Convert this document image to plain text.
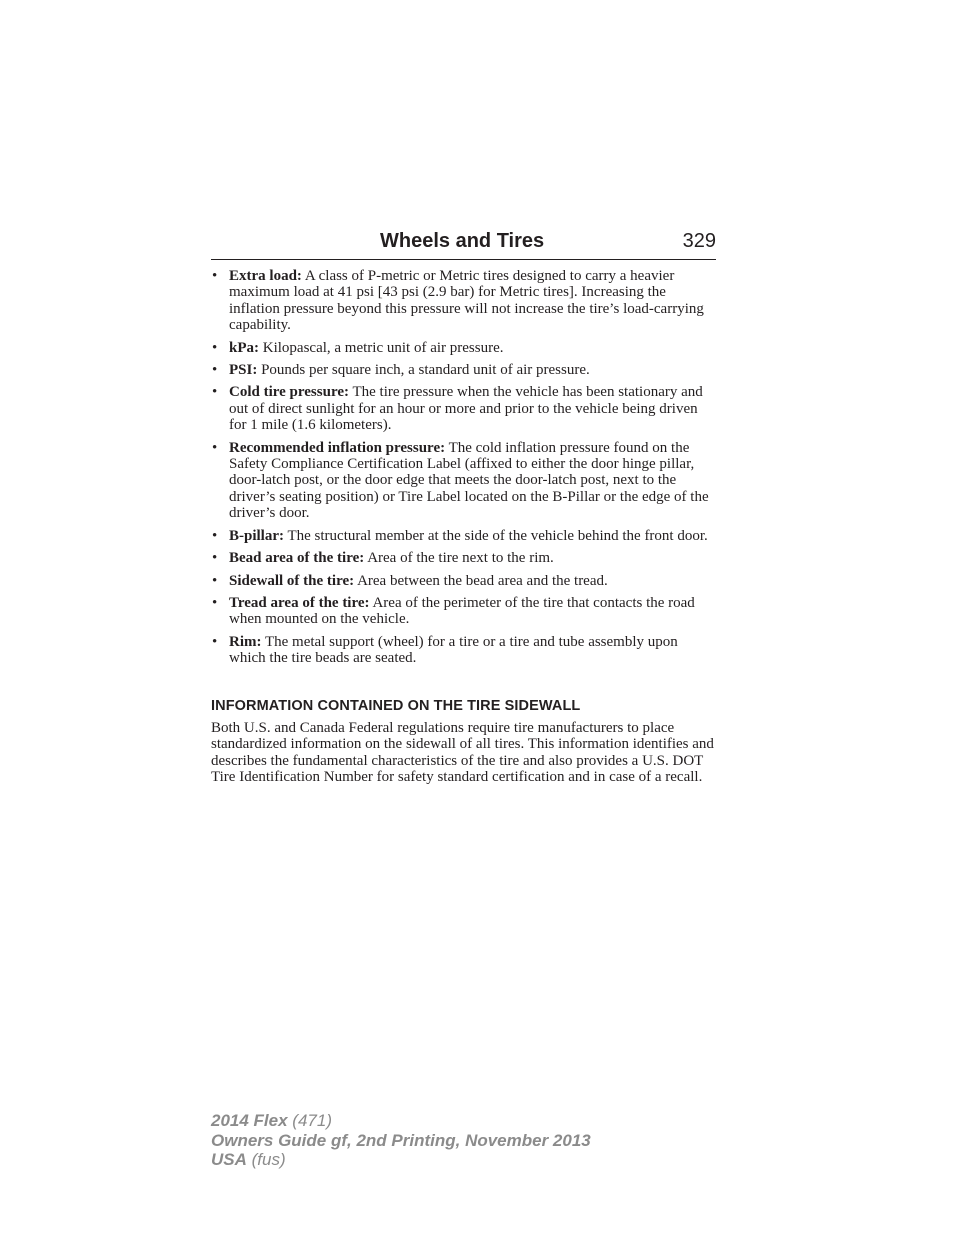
Wheels and Tires	329
• Extra load: A class of P-metric or Metric tires designed to carry a heavier maximum load at 41 psi [43 psi (2.9 bar) for Metric tires]. Increasing the inflation pressure beyond this pressure will not increase the tire’s load-carrying capability.
• kPa: Kilopascal, a metric unit of air pressure.
• PSI: Pounds per square inch, a standard unit of air pressure.
• Cold tire pressure: The tire pressure when the vehicle has been stationary and out of direct sunlight for an hour or more and prior to the vehicle being driven for 1 mile (1.6 kilometers).
• Recommended inflation pressure: The cold inflation pressure found on the Safety Compliance Certification Label (affixed to either the door hinge pillar, door-latch post, or the door edge that meets the door-latch post, next to the driver’s seating position) or Tire Label located on the B-Pillar or the edge of the driver’s door.
• B-pillar: The structural member at the side of the vehicle behind the front door.
• Bead area of the tire: Area of the tire next to the rim.
• Sidewall of the tire: Area between the bead area and the tread.
• Tread area of the tire: Area of the perimeter of the tire that contacts the road when mounted on the vehicle.
• Rim: The metal support (wheel) for a tire or a tire and tube assembly upon which the tire beads are seated.
INFORMATION CONTAINED ON THE TIRE SIDEWALL

Both U.S. and Canada Federal regulations require tire manufacturers to place standardized information on the sidewall of all tires. This information identifies and describes the fundamental characteristics of the tire and also provides a U.S. DOT Tire Identification Number for safety standard certification and in case of a recall.

2014 Flex (471)
Owners Guide gf, 2nd Printing, November 2013
USA (fus)
